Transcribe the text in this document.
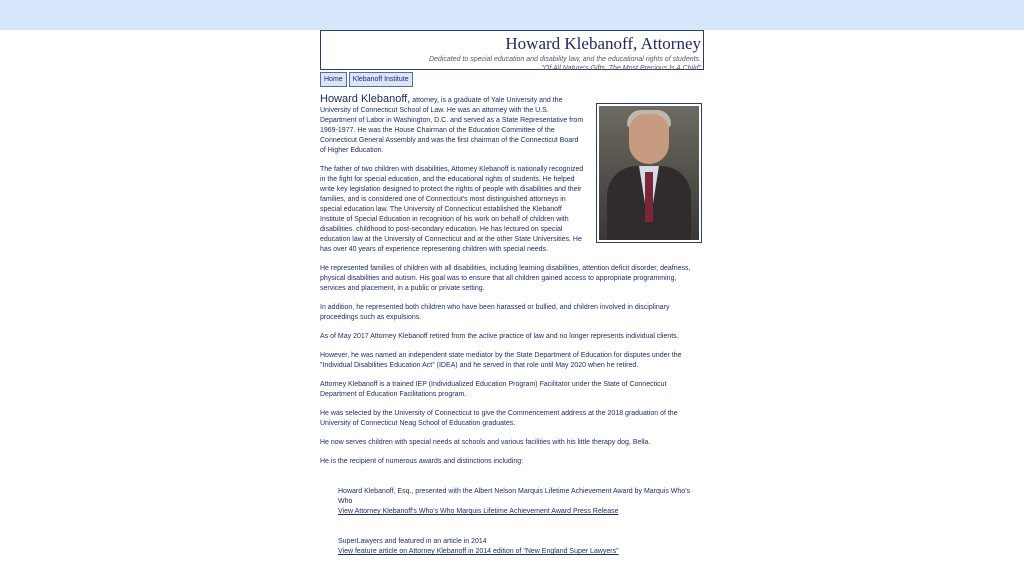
Howard Klebanoff, Attorney
Dedicated to special education and disability law, and the educational rights of students.
"Of All Nature's Gifts, The Most Precious Is A Child"
Home	Klebanoff Institute

Howard Klebanoff, attorney, is a graduate of Yale University and the University of Connecticut School of Law. He was an attorney with the U.S. Department of Labor in Washington, D.C. and served as a State Representative from 1969-1977. He was the House Chairman of the Education Committee of the Connecticut General Assembly and was the first chairman of the Connecticut Board of Higher Education.

The father of two children with disabilities, Attorney Klebanoff is nationally recognized in the fight for special education, and the educational rights of students. He helped write key legislation designed to protect the rights of people with disabilities and their families, and is considered one of Connecticut's most distinguished attorneys in special education law. The University of Connecticut established the Klebanoff Institute of Special Education in recognition of his work on behalf of children with disabilities. childhood to post-secondary education. He has lectured on special education law at the University of Connecticut and at the other State Universities. He has over 40 years of experience representing children with special needs.

He represented families of children with all disabilities, including learning disabilities, attention deficit disorder, deafness, physical disabilities and autism. His goal was to ensure that all children gained access to appropriate programming, services and placement, in a public or private setting.

In addition, he represented both children who have been harassed or bullied, and children involved in disciplinary proceedings such as expulsions.

As of May 2017 Attorney Klebanoff retired from the active practice of law and no longer represents individual clients.

However, he was named an independent state mediator by the State Department of Education for disputes under the "Individual Disabilities Education Act" (IDEA) and he served in that role until May 2020 when he retired.

Attorney Klebanoff is a trained IEP (Individualized Education Program) Facilitator under the State of Connecticut Department of Education Facilitations program.

He was selected by the University of Connecticut to give the Commencement address at the 2018 graduation of the University of Connecticut Neag School of Education graduates.

He now serves children with special needs at schools and various facilities with his little therapy dog, Bella.

He is the recipient of numerous awards and distinctions including:

Howard Klebanoff, Esq., presented with the Albert Nelson Marquis Lifetime Achievement Award by Marquis Who's Who
View Attorney Klebanoff's Who's Who Marquis Lifetime Achievement Award Press Release
SuperLawyers and featured in an article in 2014
View feature article on Attorney Klebanoff in 2014 edition of "New England Super Lawyers"
